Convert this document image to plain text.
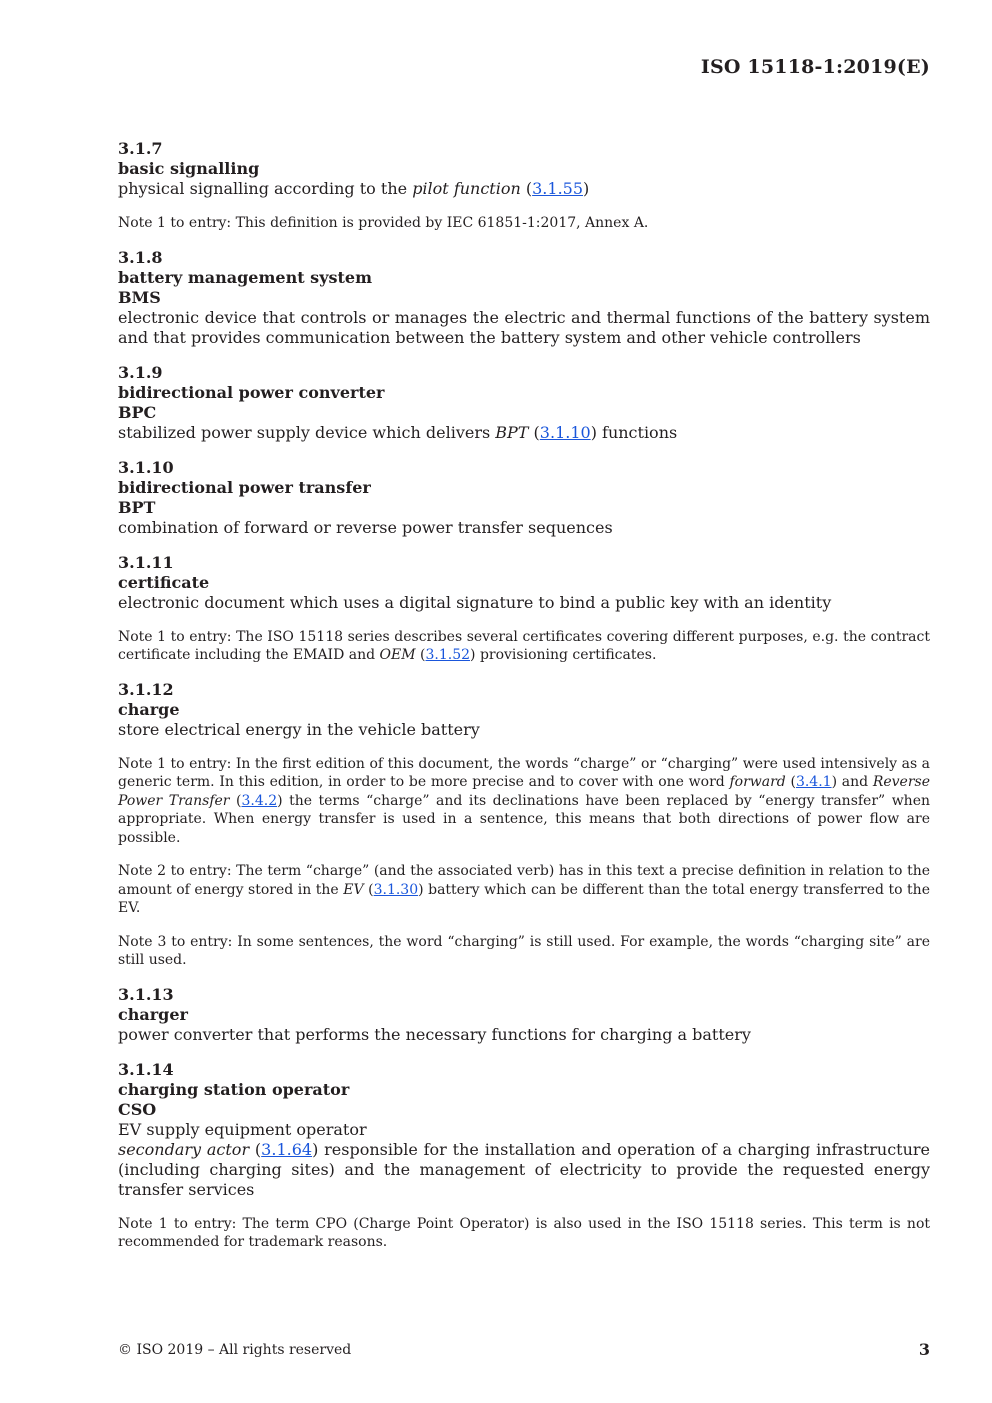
ISO 15118-1:2019(E)
3.1.7
basic signalling
physical signalling according to the pilot function (3.1.55)
Note 1 to entry: This definition is provided by IEC 61851-1:2017, Annex A.
3.1.8
battery management system
BMS
electronic device that controls or manages the electric and thermal functions of the battery system and that provides communication between the battery system and other vehicle controllers
3.1.9
bidirectional power converter
BPC
stabilized power supply device which delivers BPT (3.1.10) functions
3.1.10
bidirectional power transfer
BPT
combination of forward or reverse power transfer sequences
3.1.11
certificate
electronic document which uses a digital signature to bind a public key with an identity
Note 1 to entry: The ISO 15118 series describes several certificates covering different purposes, e.g. the contract certificate including the EMAID and OEM (3.1.52) provisioning certificates.
3.1.12
charge
store electrical energy in the vehicle battery
Note 1 to entry: In the first edition of this document, the words “charge” or “charging” were used intensively as a generic term. In this edition, in order to be more precise and to cover with one word forward (3.4.1) and Reverse Power Transfer (3.4.2) the terms “charge” and its declinations have been replaced by “energy transfer” when appropriate. When energy transfer is used in a sentence, this means that both directions of power flow are possible.
Note 2 to entry: The term “charge” (and the associated verb) has in this text a precise definition in relation to the amount of energy stored in the EV (3.1.30) battery which can be different than the total energy transferred to the EV.
Note 3 to entry: In some sentences, the word “charging” is still used. For example, the words “charging site” are still used.
3.1.13
charger
power converter that performs the necessary functions for charging a battery
3.1.14
charging station operator
CSO
EV supply equipment operator
secondary actor (3.1.64) responsible for the installation and operation of a charging infrastructure (including charging sites) and the management of electricity to provide the requested energy transfer services
Note 1 to entry: The term CPO (Charge Point Operator) is also used in the ISO 15118 series. This term is not recommended for trademark reasons.
© ISO 2019 – All rights reserved	3
